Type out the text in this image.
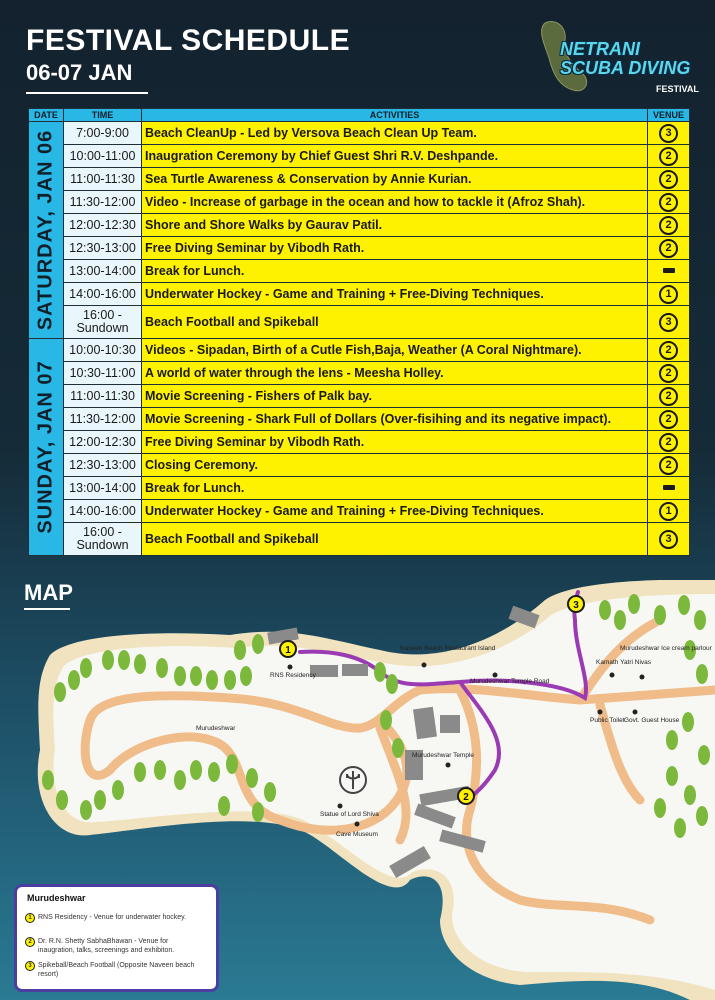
FESTIVAL SCHEDULE
06-07 JAN
NETRANI
SCUBA DIVING
FESTIVAL
DATE	TIME	ACTIVITIES	VENUE

SATURDAY, JAN 06	7:00-9:00	Beach CleanUp - Led by Versova Beach Clean Up Team.	3
	10:00-11:00	Inaugration Ceremony by Chief Guest Shri R.V. Deshpande.	2
	11:00-11:30	Sea Turtle Awareness & Conservation by Annie Kurian.	2
	11:30-12:00	Video - Increase of garbage in the ocean and how to tackle it (Afroz Shah).	2
	12:00-12:30	Shore and Shore Walks by Gaurav Patil.	2
	12:30-13:00	Free Diving Seminar by Vibodh Rath.	2
	13:00-14:00	Break for Lunch.	
	14:00-16:00	Underwater Hockey - Game and Training + Free-Diving Techniques.	1
	16:00 - Sundown	Beach Football and Spikeball	3

SUNDAY, JAN 07	10:00-10:30	Videos - Sipadan, Birth of a Cutle Fish,Baja, Weather (A Coral Nightmare).	2
	10:30-11:00	A world of water through the lens - Meesha Holley.	2
	11:00-11:30	Movie Screening - Fishers of Palk bay.	2
	11:30-12:00	Movie Screening - Shark Full of Dollars (Over-fisihing and its negative impact).	2
	12:00-12:30	Free Diving Seminar by Vibodh Rath.	2
	12:30-13:00	Closing Ceremony.	2
	13:00-14:00	Break for Lunch.	
	14:00-16:00	Underwater Hockey - Game and Training + Free-Diving Techniques.	1
	16:00 - Sundown	Beach Football and Spikeball	3
MAP
RNS Residency
Naveen Beach Restaurant Island
Murudeshwar Temple Road
Murudeshwar
Murudeshwar Temple
Statue of Lord Shiva
Cave Museum
Kamath Yatri Nivas
Murudeshwar Ice cream parlour
Public Toilet Govt. Guest House
1
2
3
Murudeshwar
1 RNS Residency - Venue for underwater hockey.
2 Dr. R.N. Shetty SabhaBhawan - Venue for inaugration, talks, screenings and exhibiton.
3 Spikeball/Beach Football (Opposite Naveen beach resort)
